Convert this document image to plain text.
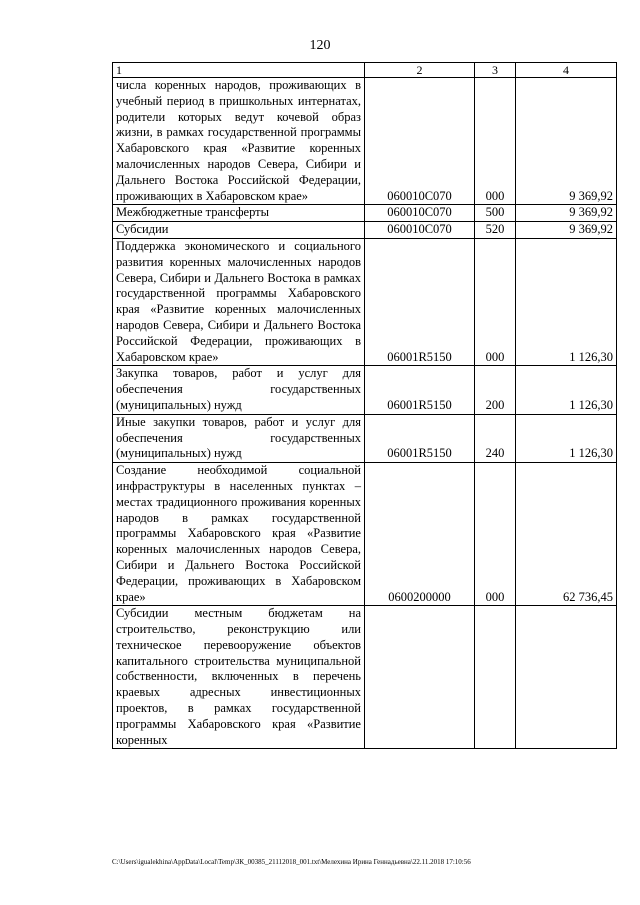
120
1	2	3	4
числа коренных народов, проживающих в учебный период в пришкольных интернатах, родители которых ведут кочевой образ жизни, в рамках государственной программы Хабаровского края «Развитие коренных малочисленных народов Севера, Сибири и Дальнего Востока Российской Федерации, проживающих в Хабаровском крае»	060010С070	000	9 369,92
Межбюджетные трансферты	060010С070	500	9 369,92
Субсидии	060010С070	520	9 369,92
Поддержка экономического и социального развития коренных малочисленных народов Севера, Сибири и Дальнего Востока в рамках государственной программы Хабаровского края «Развитие коренных малочисленных народов Севера, Сибири и Дальнего Востока Российской Федерации, проживающих в Хабаровском крае»	06001R5150	000	1 126,30
Закупка товаров, работ и услуг для обеспечения государственных (муниципальных) нужд	06001R5150	200	1 126,30
Иные закупки товаров, работ и услуг для обеспечения государственных (муниципальных) нужд	06001R5150	240	1 126,30
Создание необходимой социальной инфраструктуры в населенных пунктах – местах традиционного проживания коренных народов в рамках государственной программы Хабаровского края «Развитие коренных малочисленных народов Севера, Сибири и Дальнего Востока Российской Федерации, проживающих в Хабаровском крае»	0600200000	000	62 736,45
Субсидии местным бюджетам на строительство, реконструкцию или техническое перевооружение объектов капитального строительства муниципальной собственности, включенных в перечень краевых адресных инвестиционных проектов, в рамках государственной программы Хабаровского края «Развитие коренных			
C:\Users\igualekhina\AppData\Local\Temp\ЗК_00385_21112018_001.txt\Мелехина Ирина Геннадьевна\22.11.2018 17:10:56
